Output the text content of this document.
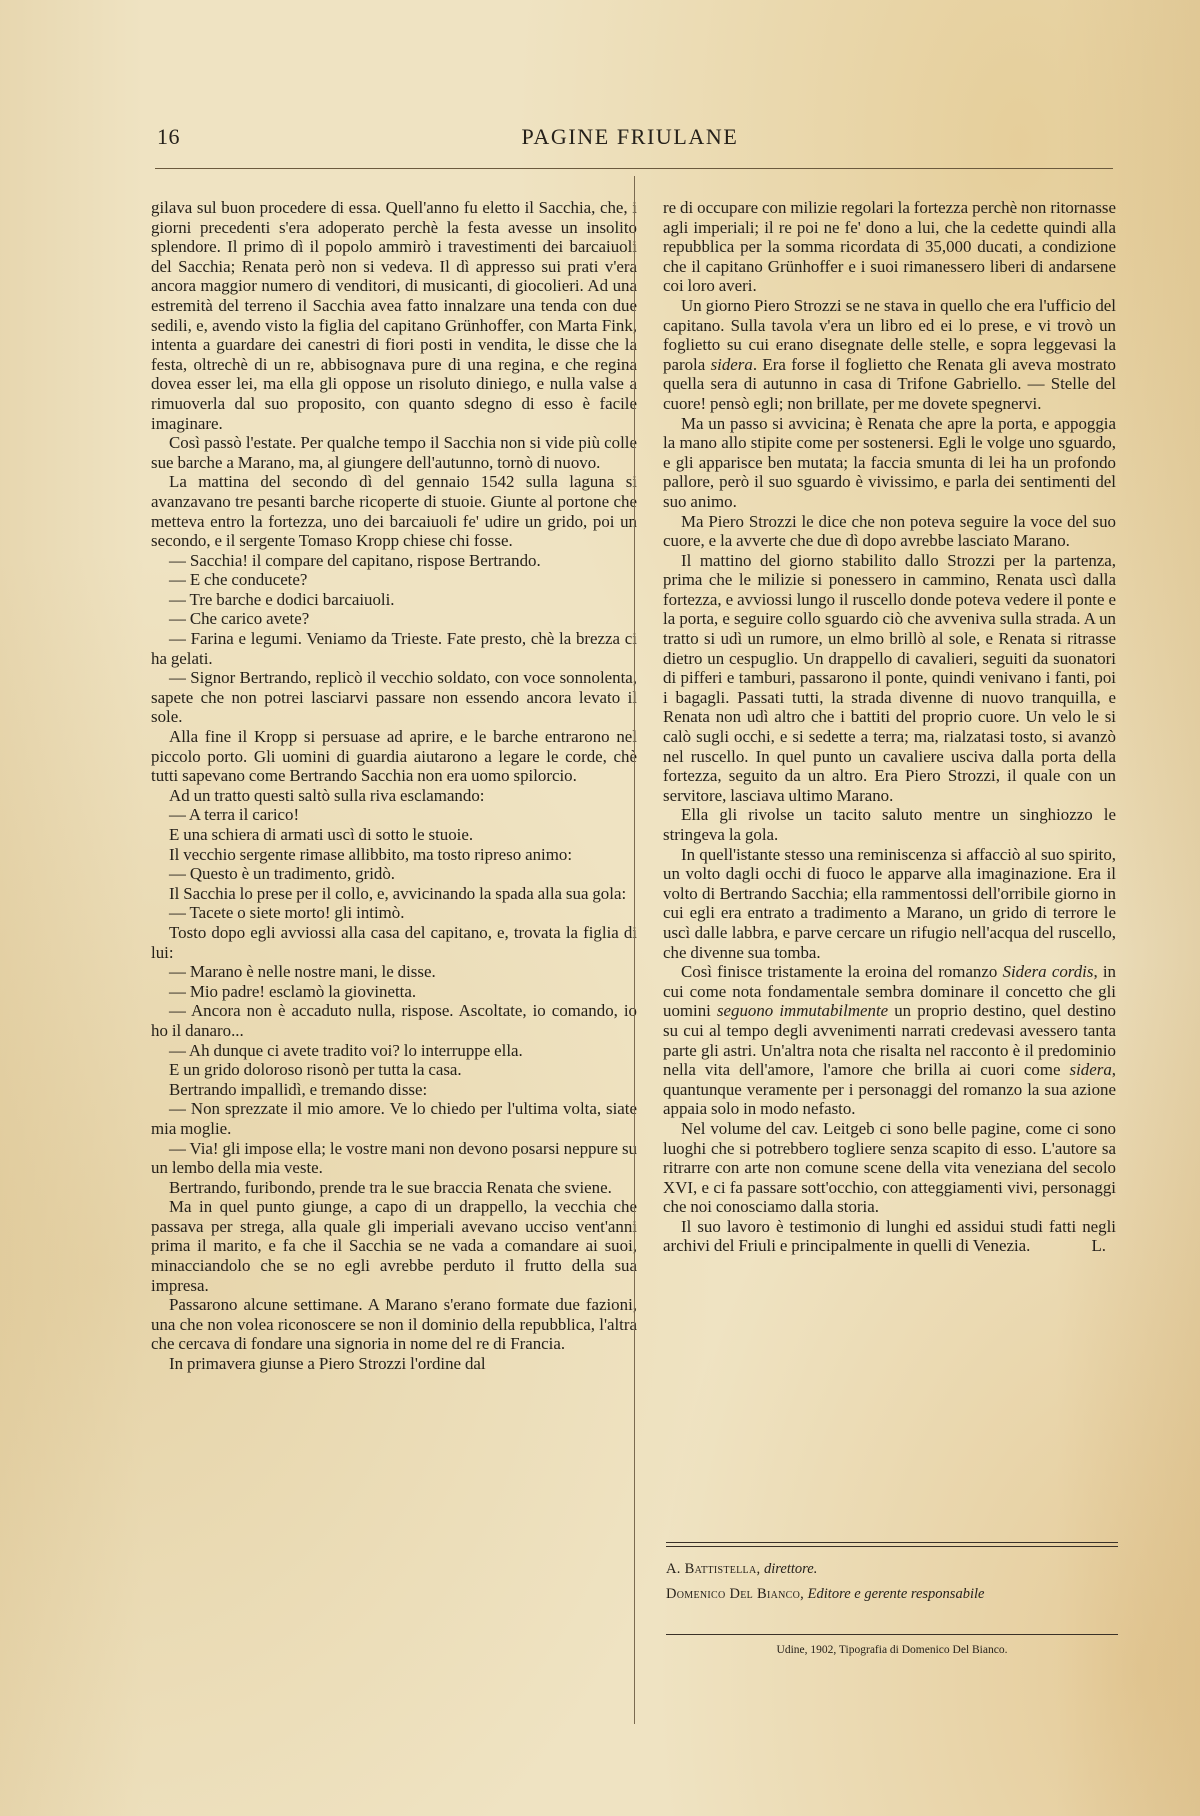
16	PAGINE FRIULANE

gilava sul buon procedere di essa. Quell'anno fu eletto il Sacchia, che, i giorni precedenti s'era adoperato perchè la festa avesse un insolito splendore. Il primo dì il popolo ammirò i travestimenti dei barcaiuoli del Sacchia; Renata però non si vedeva. Il dì appresso sui prati v'era ancora maggior numero di venditori, di musicanti, di giocolieri. Ad una estremità del terreno il Sacchia avea fatto innalzare una tenda con due sedili, e, avendo visto la figlia del capitano Grünhoffer, con Marta Fink, intenta a guardare dei canestri di fiori posti in vendita, le disse che la festa, oltrechè di un re, abbisognava pure di una regina, e che regina dovea esser lei, ma ella gli oppose un risoluto diniego, e nulla valse a rimuoverla dal suo proposito, con quanto sdegno di esso è facile imaginare.

Così passò l'estate. Per qualche tempo il Sacchia non si vide più colle sue barche a Marano, ma, al giungere dell'autunno, tornò di nuovo.

La mattina del secondo dì del gennaio 1542 sulla laguna si avanzavano tre pesanti barche ricoperte di stuoie. Giunte al portone che metteva entro la fortezza, uno dei barcaiuoli fe' udire un grido, poi un secondo, e il sergente Tomaso Kropp chiese chi fosse.

— Sacchia! il compare del capitano, rispose Bertrando.

— E che conducete?

— Tre barche e dodici barcaiuoli.

— Che carico avete?

— Farina e legumi. Veniamo da Trieste. Fate presto, chè la brezza ci ha gelati.

— Signor Bertrando, replicò il vecchio soldato, con voce sonnolenta, sapete che non potrei lasciarvi passare non essendo ancora levato il sole.

Alla fine il Kropp si persuase ad aprire, e le barche entrarono nel piccolo porto. Gli uomini di guardia aiutarono a legare le corde, chè tutti sapevano come Bertrando Sacchia non era uomo spilorcio.

Ad un tratto questi saltò sulla riva esclamando:

— A terra il carico!

E una schiera di armati uscì di sotto le stuoie.

Il vecchio sergente rimase allibbito, ma tosto ripreso animo:

— Questo è un tradimento, gridò.

Il Sacchia lo prese per il collo, e, avvicinando la spada alla sua gola:

— Tacete o siete morto! gli intimò.

Tosto dopo egli avviossi alla casa del capitano, e, trovata la figlia di lui:

— Marano è nelle nostre mani, le disse.

— Mio padre! esclamò la giovinetta.

— Ancora non è accaduto nulla, rispose. Ascoltate, io comando, io ho il danaro...

— Ah dunque ci avete tradito voi? lo interruppe ella.

E un grido doloroso risonò per tutta la casa.

Bertrando impallidì, e tremando disse:

— Non sprezzate il mio amore. Ve lo chiedo per l'ultima volta, siate mia moglie.

— Via! gli impose ella; le vostre mani non devono posarsi neppure su un lembo della mia veste.

Bertrando, furibondo, prende tra le sue braccia Renata che sviene.

Ma in quel punto giunge, a capo di un drappello, la vecchia che passava per strega, alla quale gli imperiali avevano ucciso vent'anni prima il marito, e fa che il Sacchia se ne vada a comandare ai suoi, minacciandolo che se no egli avrebbe perduto il frutto della sua impresa.

Passarono alcune settimane. A Marano s'erano formate due fazioni, una che non volea riconoscere se non il dominio della repubblica, l'altra che cercava di fondare una signoria in nome del re di Francia.

In primavera giunse a Piero Strozzi l'ordine dal

re di occupare con milizie regolari la fortezza perchè non ritornasse agli imperiali; il re poi ne fe' dono a lui, che la cedette quindi alla repubblica per la somma ricordata di 35,000 ducati, a condizione che il capitano Grünhoffer e i suoi rimanessero liberi di andarsene coi loro averi.

Un giorno Piero Strozzi se ne stava in quello che era l'ufficio del capitano. Sulla tavola v'era un libro ed ei lo prese, e vi trovò un foglietto su cui erano disegnate delle stelle, e sopra leggevasi la parola sidera. Era forse il foglietto che Renata gli aveva mostrato quella sera di autunno in casa di Trifone Gabriello. — Stelle del cuore! pensò egli; non brillate, per me dovete spegnervi.

Ma un passo si avvicina; è Renata che apre la porta, e appoggia la mano allo stipite come per sostenersi. Egli le volge uno sguardo, e gli apparisce ben mutata; la faccia smunta di lei ha un profondo pallore, però il suo sguardo è vivissimo, e parla dei sentimenti del suo animo.

Ma Piero Strozzi le dice che non poteva seguire la voce del suo cuore, e la avverte che due dì dopo avrebbe lasciato Marano.

Il mattino del giorno stabilito dallo Strozzi per la partenza, prima che le milizie si ponessero in cammino, Renata uscì dalla fortezza, e avviossi lungo il ruscello donde poteva vedere il ponte e la porta, e seguire collo sguardo ciò che avveniva sulla strada. A un tratto si udì un rumore, un elmo brillò al sole, e Renata si ritrasse dietro un cespuglio. Un drappello di cavalieri, seguiti da suonatori di pifferi e tamburi, passarono il ponte, quindi venivano i fanti, poi i bagagli. Passati tutti, la strada divenne di nuovo tranquilla, e Renata non udì altro che i battiti del proprio cuore. Un velo le si calò sugli occhi, e si sedette a terra; ma, rialzatasi tosto, si avanzò nel ruscello. In quel punto un cavaliere usciva dalla porta della fortezza, seguito da un altro. Era Piero Strozzi, il quale con un servitore, lasciava ultimo Marano.

Ella gli rivolse un tacito saluto mentre un singhiozzo le stringeva la gola.

In quell'istante stesso una reminiscenza si affacciò al suo spirito, un volto dagli occhi di fuoco le apparve alla imaginazione. Era il volto di Bertrando Sacchia; ella rammentossi dell'orribile giorno in cui egli era entrato a tradimento a Marano, un grido di terrore le uscì dalle labbra, e parve cercare un rifugio nell'acqua del ruscello, che divenne sua tomba.

Così finisce tristamente la eroina del romanzo Sidera cordis, in cui come nota fondamentale sembra dominare il concetto che gli uomini seguono immutabilmente un proprio destino, quel destino su cui al tempo degli avvenimenti narrati credevasi avessero tanta parte gli astri. Un'altra nota che risalta nel racconto è il predominio nella vita dell'amore, l'amore che brilla ai cuori come sidera, quantunque veramente per i personaggi del romanzo la sua azione appaia solo in modo nefasto.

Nel volume del cav. Leitgeb ci sono belle pagine, come ci sono luoghi che si potrebbero togliere senza scapito di esso. L'autore sa ritrarre con arte non comune scene della vita veneziana del secolo XVI, e ci fa passare sott'occhio, con atteggiamenti vivi, personaggi che noi conosciamo dalla storia.

Il suo lavoro è testimonio di lunghi ed assidui studi fatti negli archivi del Friuli e principalmente in quelli di Venezia.	L.

A. Battistella, direttore.
Domenico Del Bianco, Editore e gerente responsabile
Udine, 1902, Tipografia di Domenico Del Bianco.
